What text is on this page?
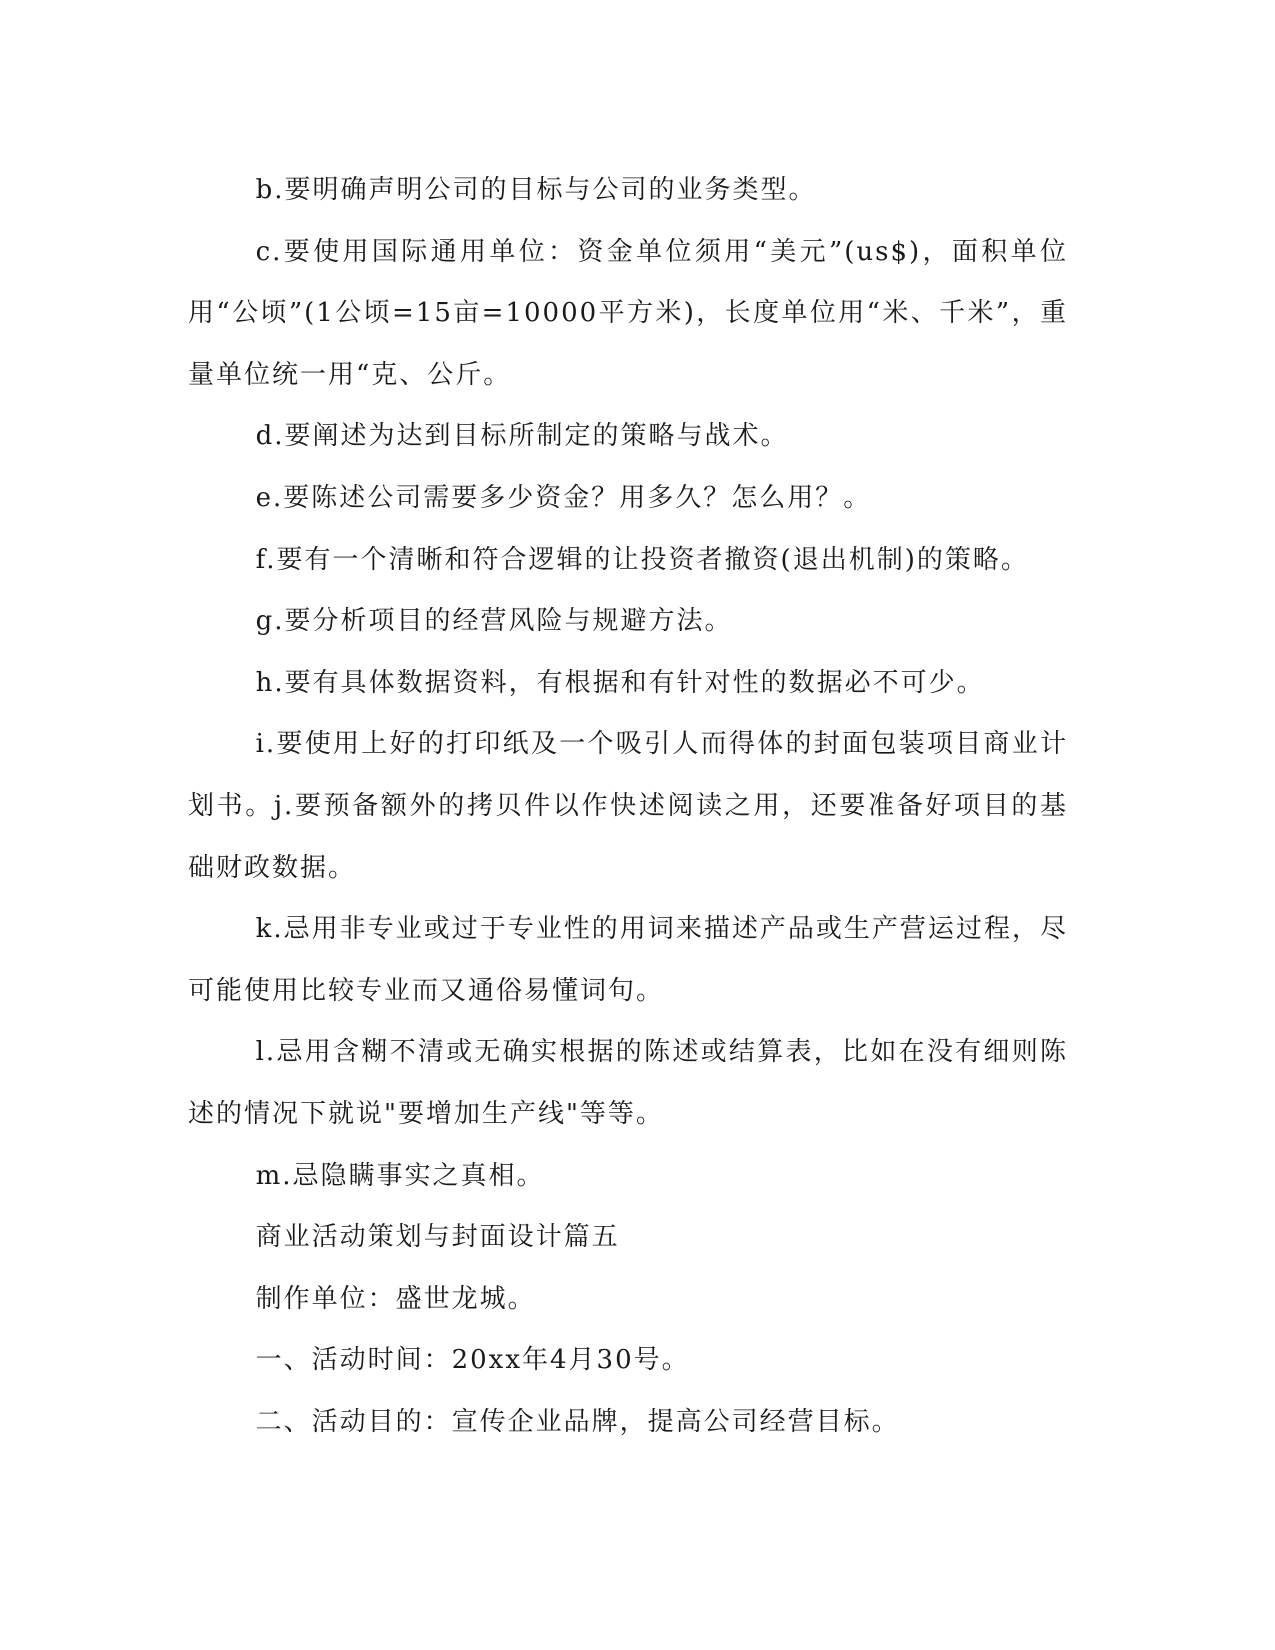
b.要明确声明公司的目标与公司的业务类型。

c.要使用国际通用单位：资金单位须用“美元”(us$)，面积单位用“公顷”(1公顷=15亩=10000平方米)，长度单位用“米、千米”，重量单位统一用“克、公斤。

d.要阐述为达到目标所制定的策略与战术。

e.要陈述公司需要多少资金？用多久？怎么用？。

f.要有一个清晰和符合逻辑的让投资者撤资(退出机制)的策略。

g.要分析项目的经营风险与规避方法。

h.要有具体数据资料，有根据和有针对性的数据必不可少。

i.要使用上好的打印纸及一个吸引人而得体的封面包装项目商业计划书。j.要预备额外的拷贝件以作快述阅读之用，还要准备好项目的基础财政数据。

k.忌用非专业或过于专业性的用词来描述产品或生产营运过程，尽可能使用比较专业而又通俗易懂词句。

l.忌用含糊不清或无确实根据的陈述或结算表，比如在没有细则陈述的情况下就说"要增加生产线"等等。

m.忌隐瞒事实之真相。

商业活动策划与封面设计篇五

制作单位：盛世龙城。

一、活动时间：20xx年4月30号。

二、活动目的：宣传企业品牌，提高公司经营目标。
